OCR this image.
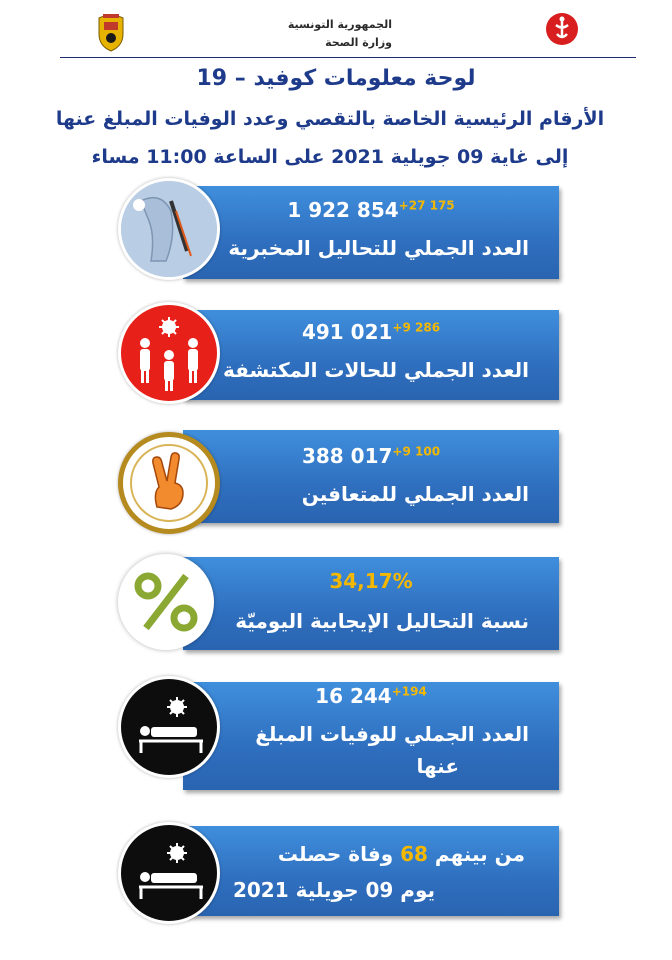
الجمهورية التونسية
وزارة الصحة
لوحة معلومات كوفيد – 19
الأرقام الرئيسية الخاصة بالتقصي وعدد الوفيات المبلغ عنها
إلى غاية 09 جويلية 2021 على الساعة 11:00 مساء
1 922 $854^{+27 175}$
العدد الجملي للتحاليل المخبرية
491 $021^{+9 286}$
العدد الجملي للحالات المكتشفة
388 $017^{+9 100}$
العدد الجملي للمتعافين
34,17%
نسبة التحاليل الإيجابية اليوميّة
16 $244^{+194}$
العدد الجملي للوفيات المبلغ
عنها
من بينهم 68 وفاة حصلت
يوم 09 جويلية 2021
